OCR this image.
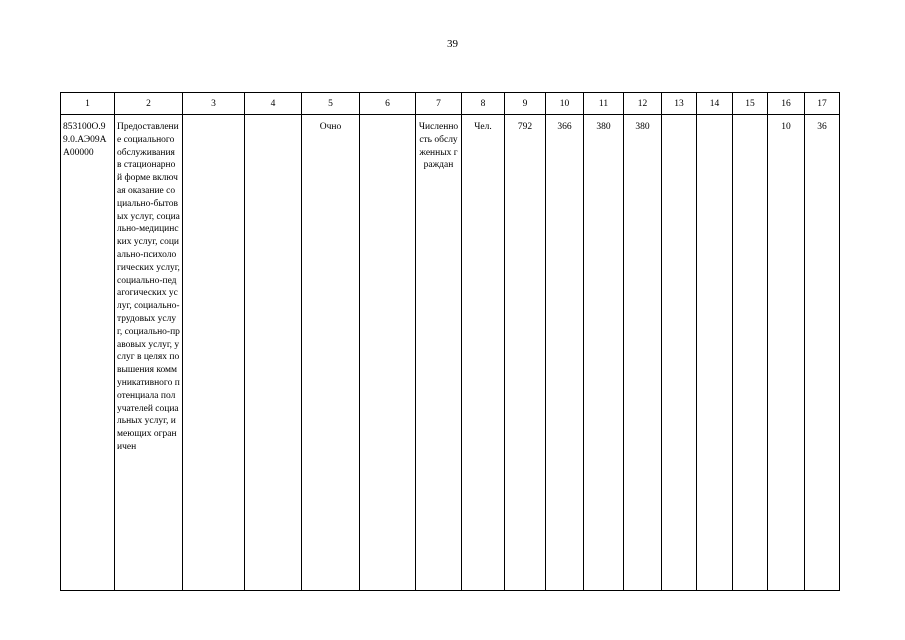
39
1	2	3	4	5	6	7	8	9	10	11	12	13	14	15	16	17
853100О.99.0.АЭ09АА00000	Предоставление социального обслуживания в стационарной форме включая оказание социально-бытовых услуг, социально-медицинских услуг, социально-психологических услуг, социально-педагогических услуг, социально-трудовых услуг, социально-правовых услуг, услуг в целях повышения коммуникативного потенциала получателей социальных услуг, имеющих ограничен			Очно		Численность обслуженных граждан	Чел.	792	366	380	380				10	36
